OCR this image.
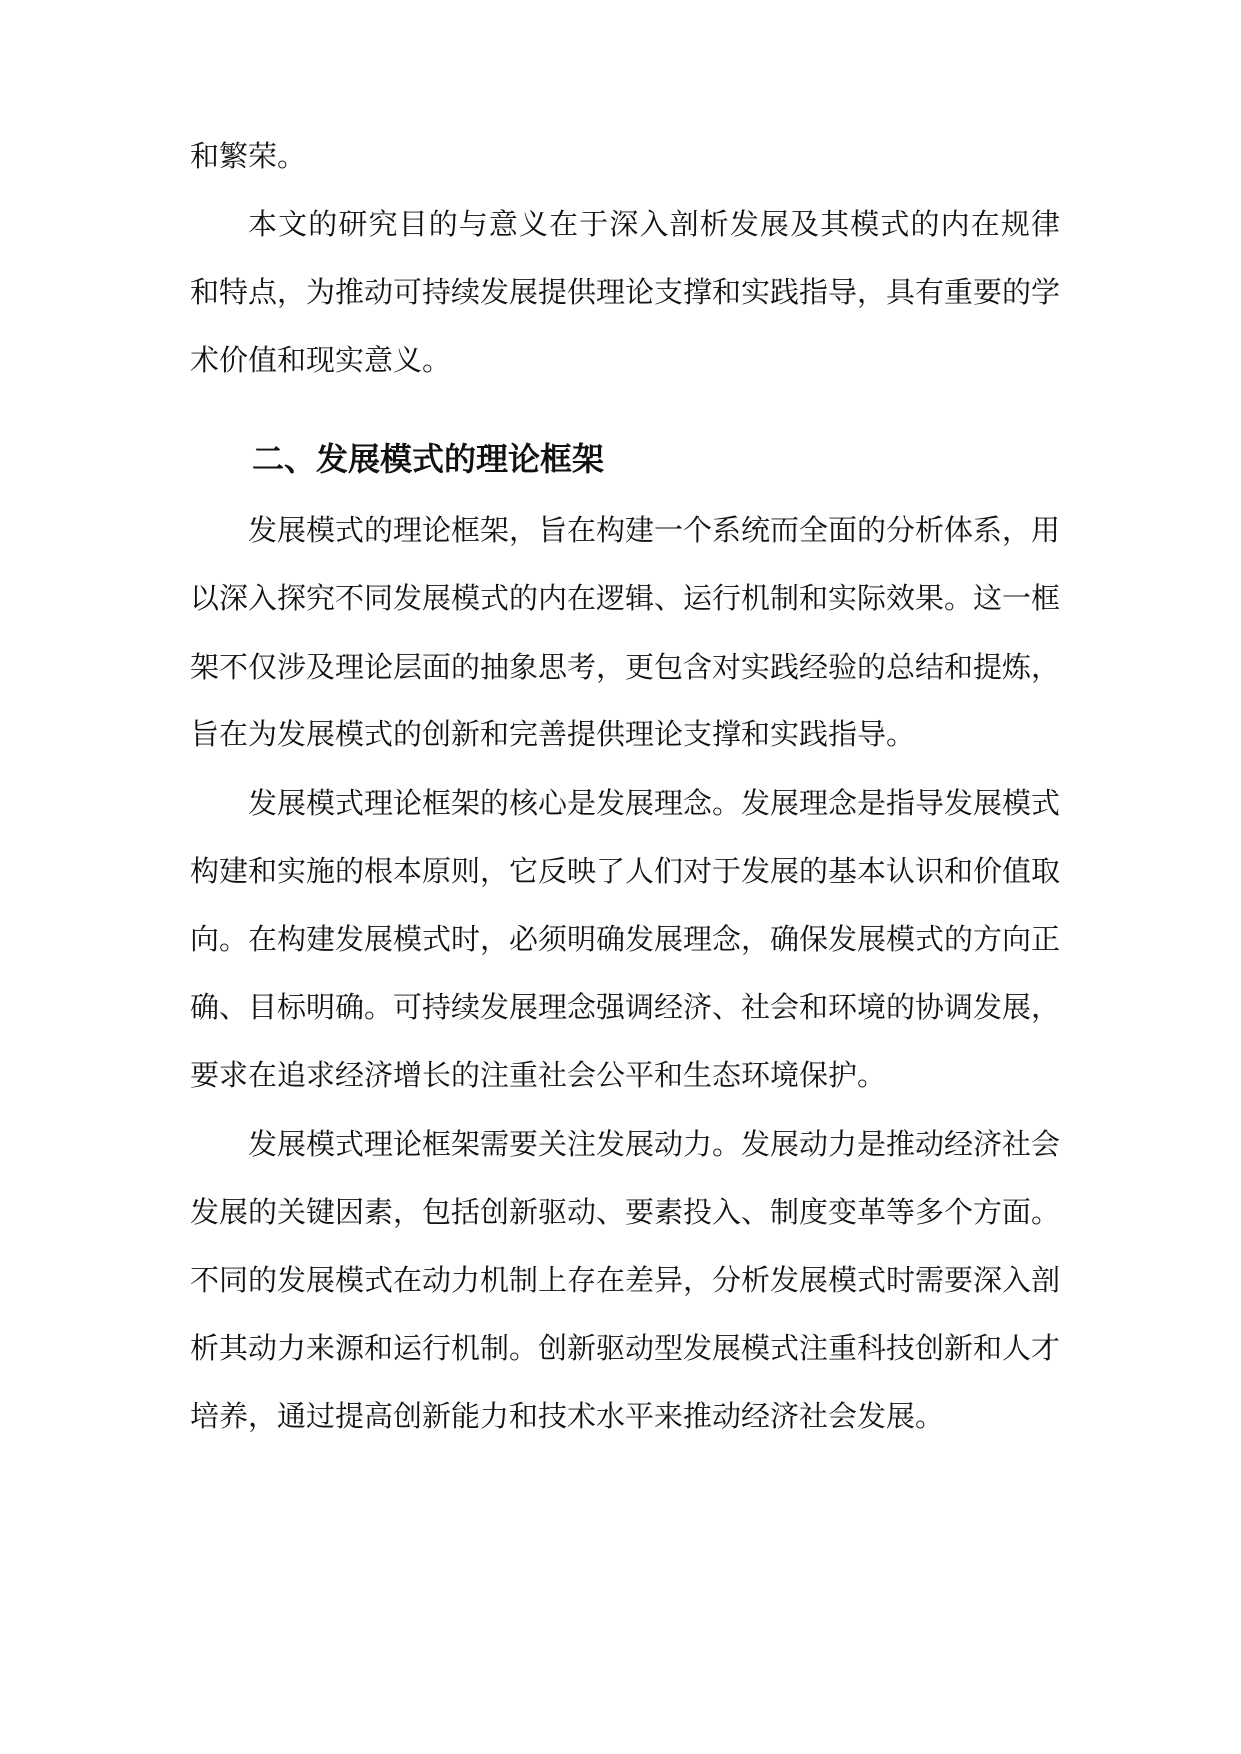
和繁荣。
本文的研究目的与意义在于深入剖析发展及其模式的内在规律
和特点，为推动可持续发展提供理论支撑和实践指导，具有重要的学
术价值和现实意义。
二、发展模式的理论框架
发展模式的理论框架，旨在构建一个系统而全面的分析体系，用
以深入探究不同发展模式的内在逻辑、运行机制和实际效果。这一框
架不仅涉及理论层面的抽象思考，更包含对实践经验的总结和提炼，
旨在为发展模式的创新和完善提供理论支撑和实践指导。
发展模式理论框架的核心是发展理念。发展理念是指导发展模式
构建和实施的根本原则，它反映了人们对于发展的基本认识和价值取
向。在构建发展模式时，必须明确发展理念，确保发展模式的方向正
确、目标明确。可持续发展理念强调经济、社会和环境的协调发展，
要求在追求经济增长的注重社会公平和生态环境保护。
发展模式理论框架需要关注发展动力。发展动力是推动经济社会
发展的关键因素，包括创新驱动、要素投入、制度变革等多个方面。
不同的发展模式在动力机制上存在差异，分析发展模式时需要深入剖
析其动力来源和运行机制。创新驱动型发展模式注重科技创新和人才
培养，通过提高创新能力和技术水平来推动经济社会发展。
